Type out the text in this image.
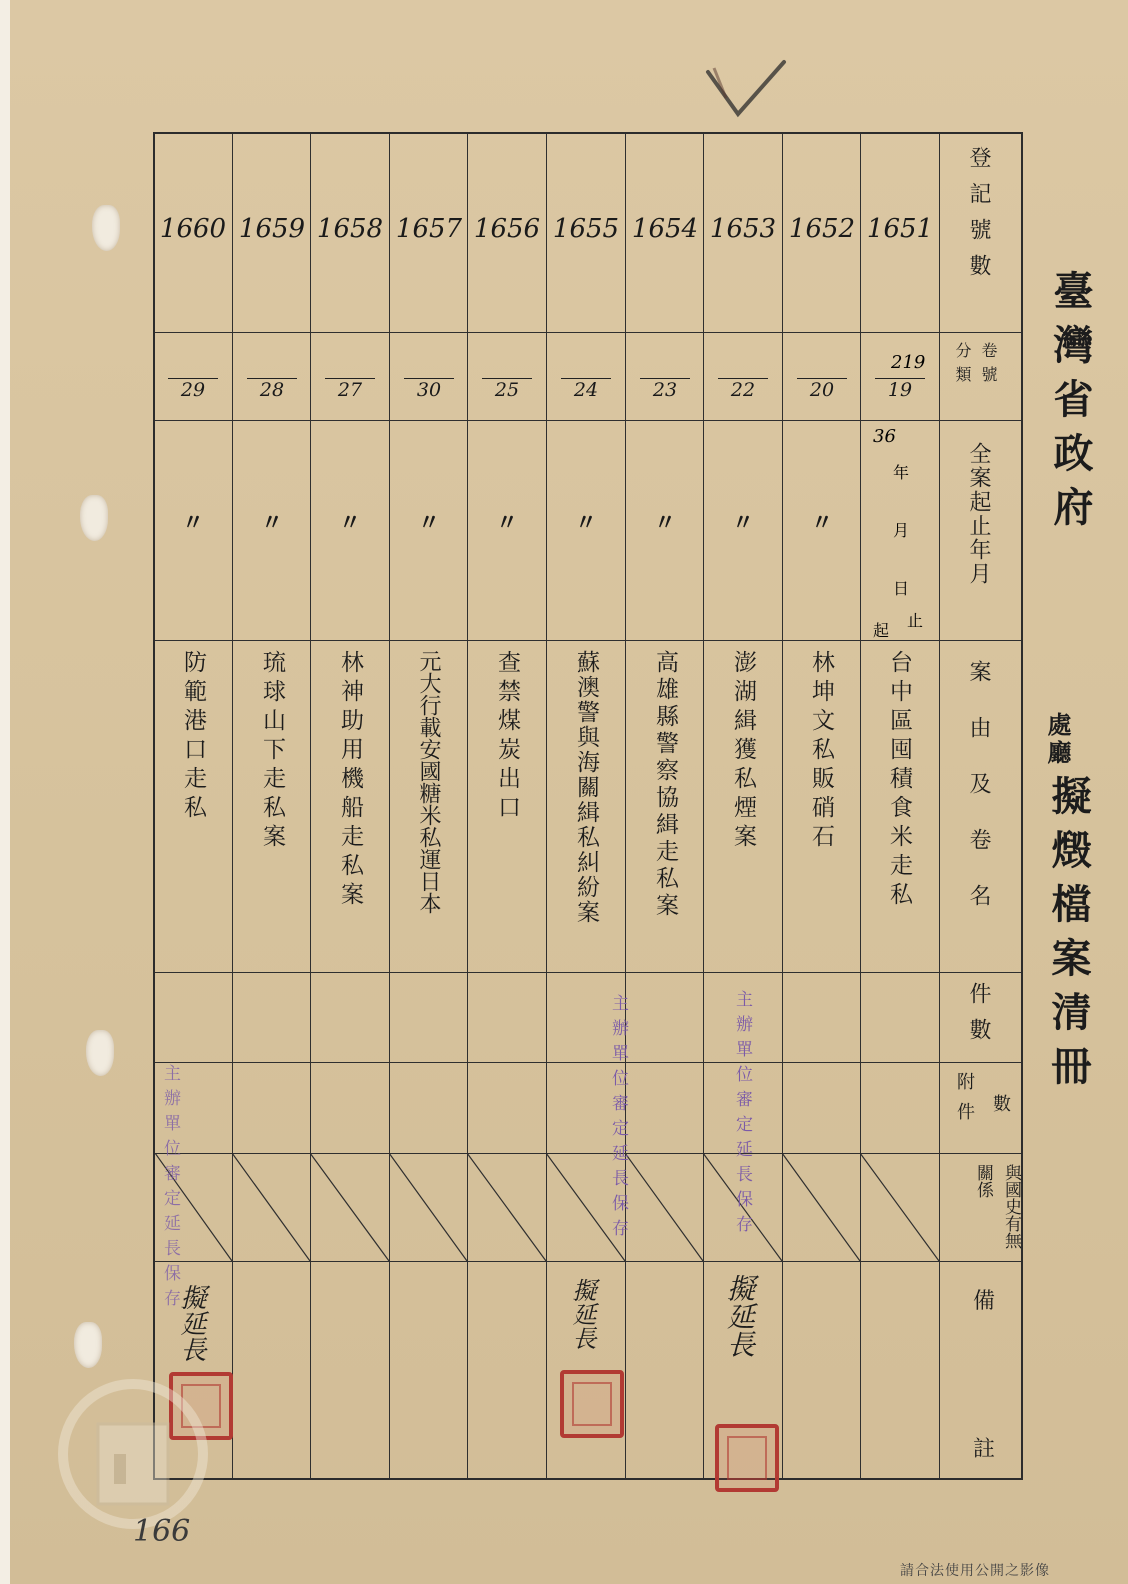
登記號數
卷號
分類
全案起止年月
案由及卷名
件數
附件 數
與國史有無關係
備
註
1651
219
19
36
年
月
日
止
起
台中區囤積食米走私
1652
20
〃
林坤文私販硝石
1653
22
〃
澎湖緝獲私煙案
1654
23
〃
高雄縣警察協緝走私案
1655
24
〃
蘇澳警與海關緝私糾紛案
1656
25
〃
查禁煤炭出口
1657
30
〃
元大行載安國糖米私運日本
1658
27
〃
林神助用機船走私案
1659
28
〃
琉球山下走私案
1660
29
〃
防範港口走私
主辦單位審定延長保存
主辦單位審定延長保存
主辦單位審定延長保存
擬延長	擬延長	擬延長
臺灣省政府
處廳
擬燬檔案清冊
166
請合法使用公開之影像
